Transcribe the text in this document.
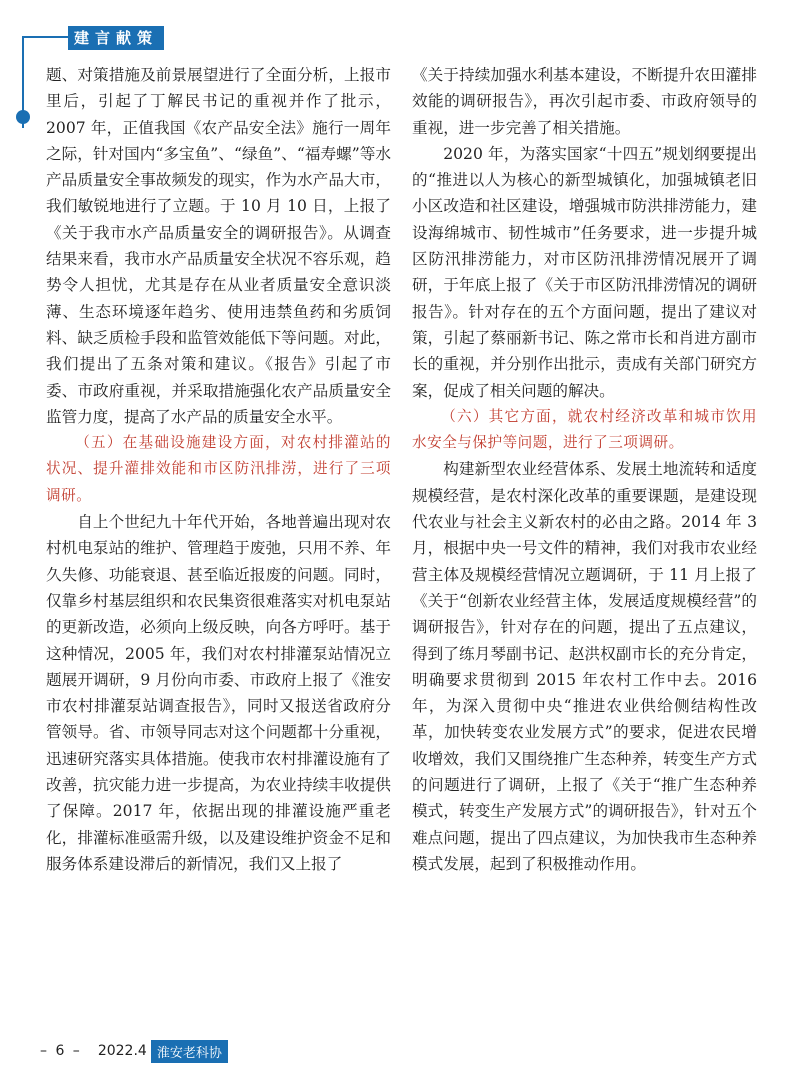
建言献策

题、对策措施及前景展望进行了全面分析，上报市里后，引起了丁解民书记的重视并作了批示，2007 年，正值我国《农产品安全法》施行一周年之际，针对国内“多宝鱼”、“绿鱼”、“福寿螺”等水产品质量安全事故频发的现实，作为水产品大市，我们敏锐地进行了立题。于 10 月 10 日，上报了《关于我市水产品质量安全的调研报告》。从调查结果来看，我市水产品质量安全状况不容乐观，趋势令人担忧，尤其是存在从业者质量安全意识淡薄、生态环境逐年趋劣、使用违禁鱼药和劣质饲料、缺乏质检手段和监管效能低下等问题。对此，我们提出了五条对策和建议。《报告》引起了市委、市政府重视，并采取措施强化农产品质量安全监管力度，提高了水产品的质量安全水平。

（五）在基础设施建设方面，对农村排灌站的状况、提升灌排效能和市区防汛排涝，进行了三项调研。

自上个世纪九十年代开始，各地普遍出现对农村机电泵站的维护、管理趋于废弛，只用不养、年久失修、功能衰退、甚至临近报废的问题。同时，仅靠乡村基层组织和农民集资很难落实对机电泵站的更新改造，必须向上级反映，向各方呼吁。基于这种情况，2005 年，我们对农村排灌泵站情况立题展开调研，9 月份向市委、市政府上报了《淮安市农村排灌泵站调查报告》，同时又报送省政府分管领导。省、市领导同志对这个问题都十分重视，迅速研究落实具体措施。使我市农村排灌设施有了改善，抗灾能力进一步提高，为农业持续丰收提供了保障。2017 年，依据出现的排灌设施严重老化，排灌标准亟需升级，以及建设维护资金不足和服务体系建设滞后的新情况，我们又上报了

《关于持续加强水利基本建设，不断提升农田灌排效能的调研报告》，再次引起市委、市政府领导的重视，进一步完善了相关措施。

2020 年，为落实国家“十四五”规划纲要提出的“推进以人为核心的新型城镇化，加强城镇老旧小区改造和社区建设，增强城市防洪排涝能力，建设海绵城市、韧性城市”任务要求，进一步提升城区防汛排涝能力，对市区防汛排涝情况展开了调研，于年底上报了《关于市区防汛排涝情况的调研报告》。针对存在的五个方面问题，提出了建议对策，引起了蔡丽新书记、陈之常市长和肖进方副市长的重视，并分别作出批示，责成有关部门研究方案，促成了相关问题的解决。

（六）其它方面，就农村经济改革和城市饮用水安全与保护等问题，进行了三项调研。

构建新型农业经营体系、发展土地流转和适度规模经营，是农村深化改革的重要课题，是建设现代农业与社会主义新农村的必由之路。2014 年 3 月，根据中央一号文件的精神，我们对我市农业经营主体及规模经营情况立题调研，于 11 月上报了《关于“创新农业经营主体，发展适度规模经营”的调研报告》，针对存在的问题，提出了五点建议，得到了练月琴副书记、赵洪权副市长的充分肯定，明确要求贯彻到 2015 年农村工作中去。2016 年，为深入贯彻中央“推进农业供给侧结构性改革，加快转变农业发展方式”的要求，促进农民增收增效，我们又围绕推广生态种养，转变生产方式的问题进行了调研，上报了《关于“推广生态种养模式，转变生产发展方式”的调研报告》，针对五个难点问题，提出了四点建议，为加快我市生态种养模式发展，起到了积极推动作用。

– 6 – 2022.4 淮安老科协
